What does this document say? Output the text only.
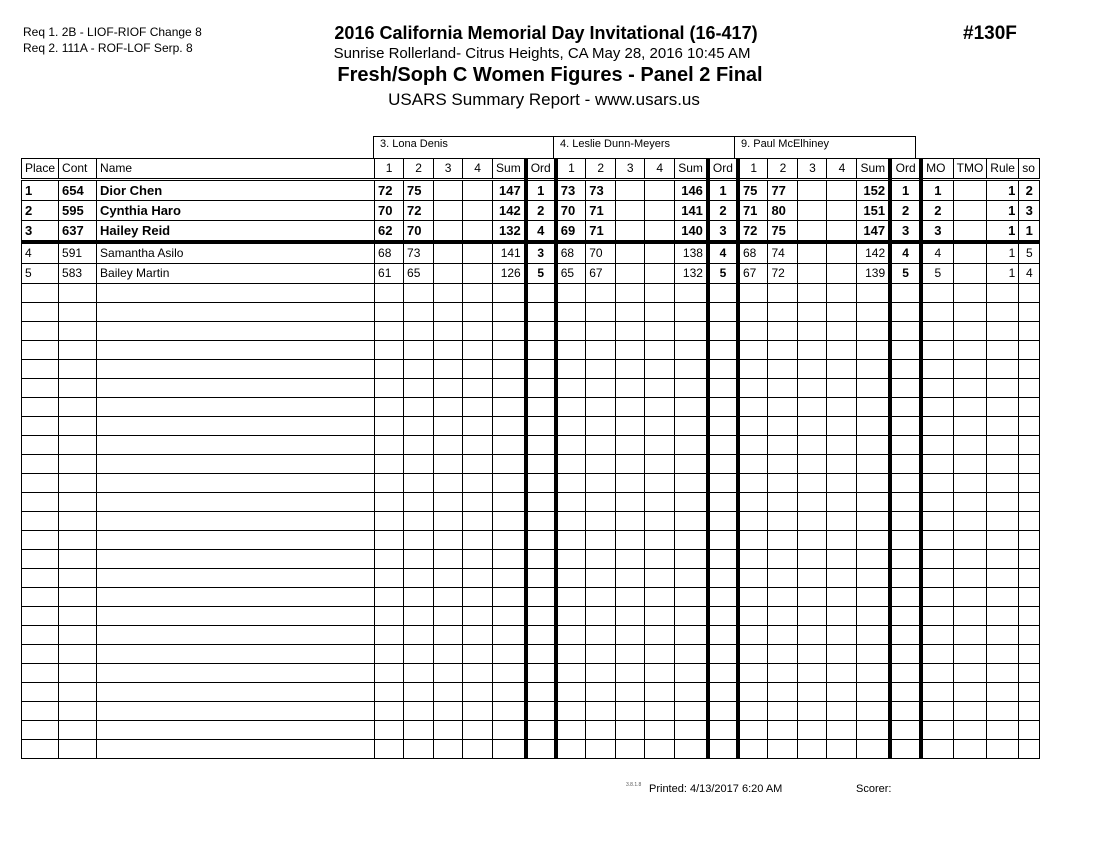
Req 1. 2B - LIOF-RIOF Change 8
Req 2. 111A - ROF-LOF Serp. 8
2016 California Memorial Day Invitational (16-417)
Sunrise Rollerland- Citrus Heights, CA May 28, 2016 10:45 AM
Fresh/Soph C Women Figures - Panel 2 Final
USARS Summary Report - www.usars.us
#130F
3. Lona Denis	4. Leslie Dunn-Meyers	9. Paul McElhiney
Place	Cont	Name	1	2	3	4	Sum	Ord	1	2	3	4	Sum	Ord	1	2	3	4	Sum	Ord	MO	TMO	Rule	so
1	654	Dior Chen	72	75			147	1	73	73			146	1	75	77			152	1	1		1	2
2	595	Cynthia Haro	70	72			142	2	70	71			141	2	71	80			151	2	2		1	3
3	637	Hailey Reid	62	70			132	4	69	71			140	3	72	75			147	3	3		1	1
4	591	Samantha Asilo	68	73			141	3	68	70			138	4	68	74			142	4	4		1	5
5	583	Bailey Martin	61	65			126	5	65	67			132	5	67	72			139	5	5		1	4

3.8.1.8 Printed: 4/13/2017 6:20 AM	Scorer:
